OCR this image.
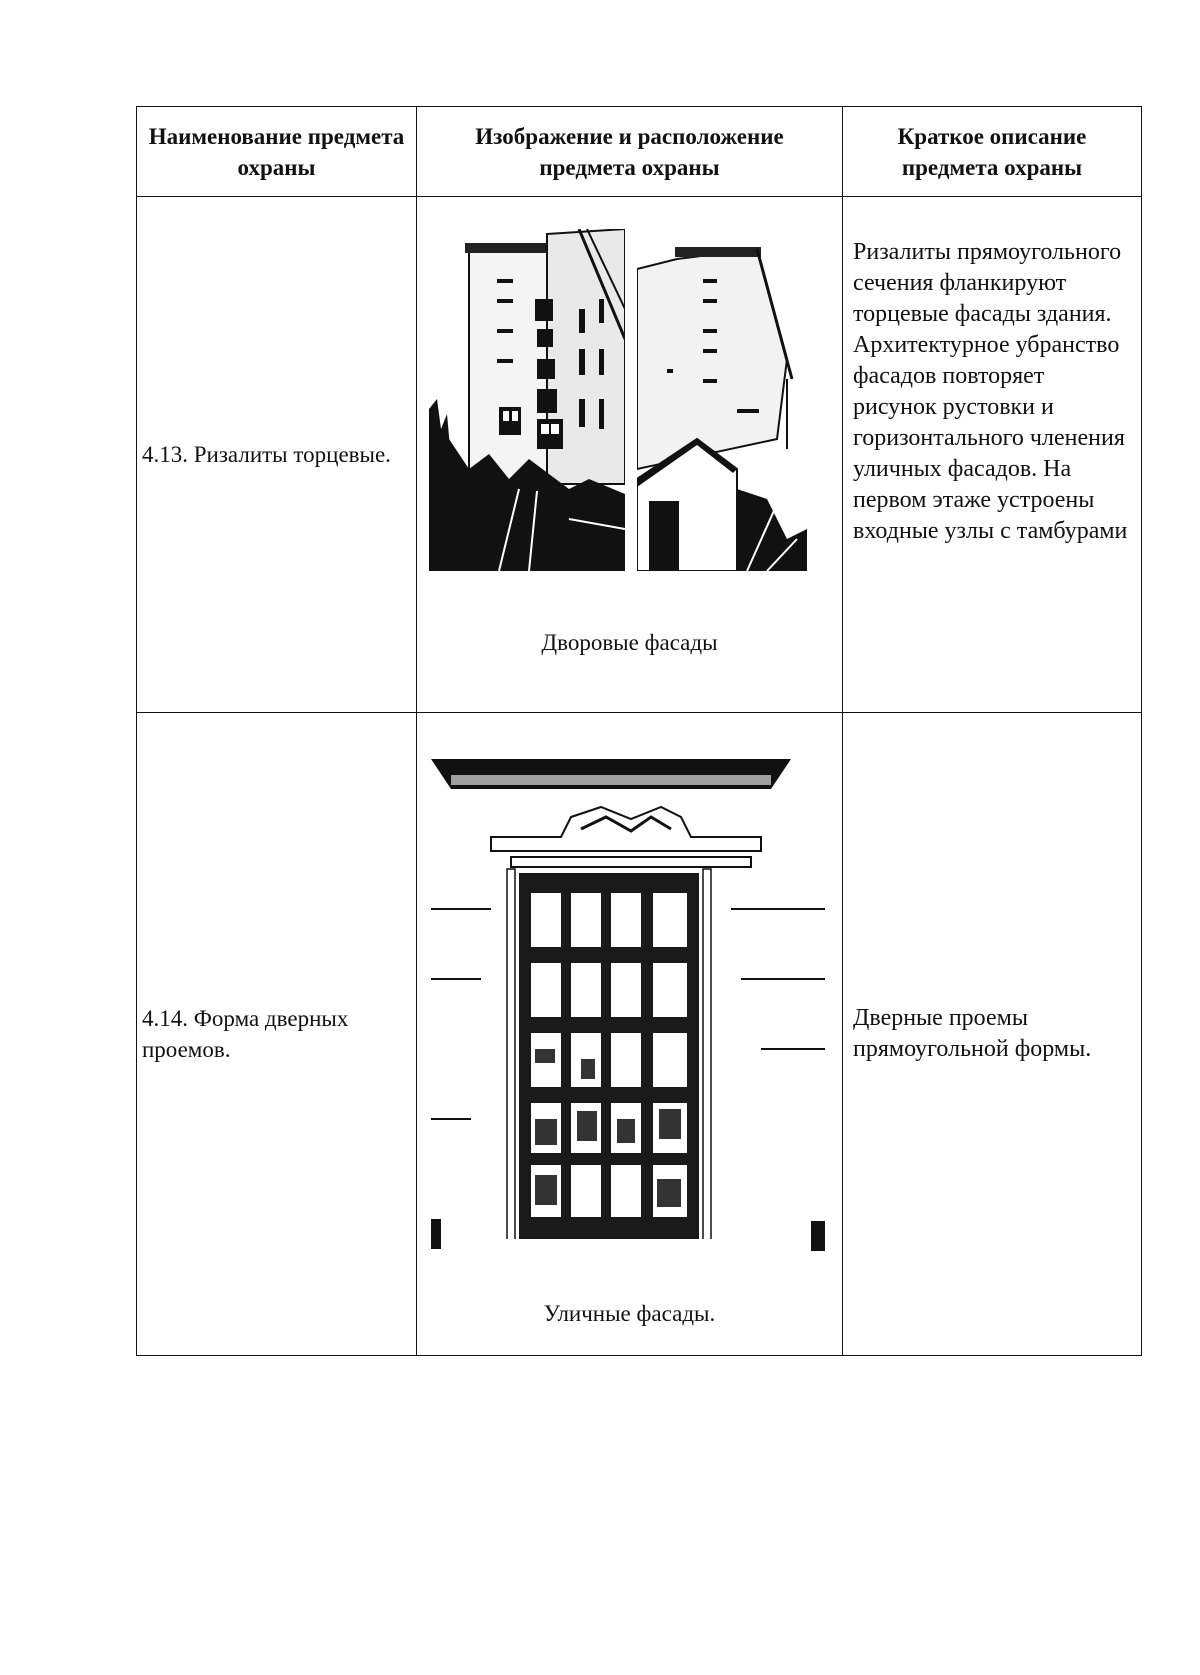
Наименование предмета охраны
Изображение и расположение предмета охраны
Краткое описание предмета охраны
4.13. Ризалиты торцевые.
Дворовые фасады
Ризалиты прямоугольного сечения фланкируют торцевые фасады здания. Архитектурное убранство фасадов повторяет рисунок рустовки и горизонтального членения уличных фасадов. На первом этаже устроены входные узлы с тамбурами
4.14. Форма дверных проемов.
Уличные фасады.
Дверные проемы прямоугольной формы.
